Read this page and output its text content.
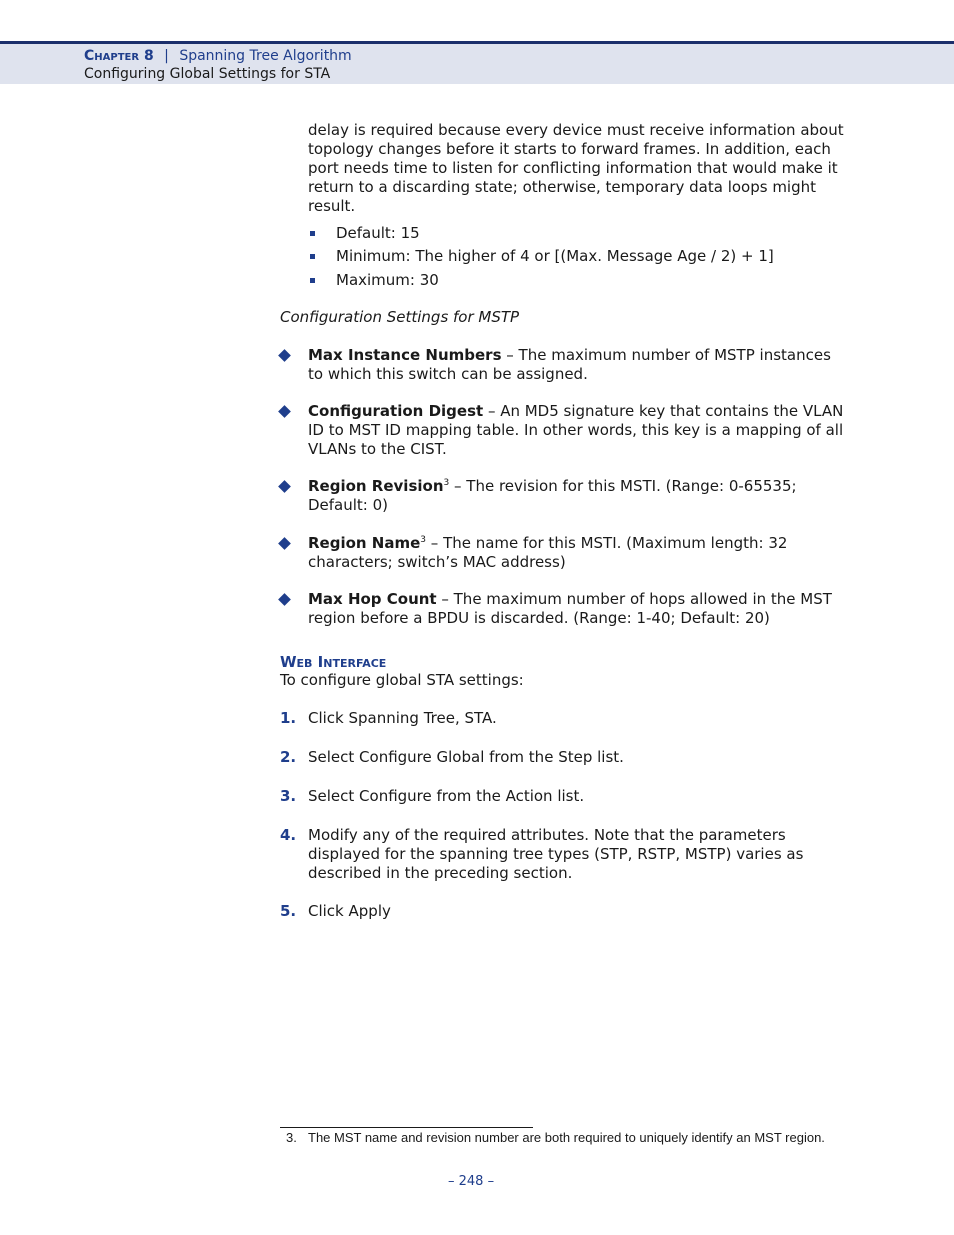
Chapter 8 | Spanning Tree Algorithm
Configuring Global Settings for STA
delay is required because every device must receive information about
topology changes before it starts to forward frames. In addition, each
port needs time to listen for conflicting information that would make it
return to a discarding state; otherwise, temporary data loops might
result.
Default: 15
Minimum: The higher of 4 or [(Max. Message Age / 2) + 1]
Maximum: 30
Configuration Settings for MSTP
Max Instance Numbers – The maximum number of MSTP instances
to which this switch can be assigned.
Configuration Digest – An MD5 signature key that contains the VLAN
ID to MST ID mapping table. In other words, this key is a mapping of all
VLANs to the CIST.
Region Revision$^3$ – The revision for this MSTI. (Range: 0-65535;
Default: 0)
Region Name$^3$ – The name for this MSTI. (Maximum length: 32
characters; switch’s MAC address)
Max Hop Count – The maximum number of hops allowed in the MST
region before a BPDU is discarded. (Range: 1-40; Default: 20)
Web Interface
To configure global STA settings:
1. Click Spanning Tree, STA.
2. Select Configure Global from the Step list.
3. Select Configure from the Action list.
4. Modify any of the required attributes. Note that the parameters
displayed for the spanning tree types (STP, RSTP, MSTP) varies as
described in the preceding section.
5. Click Apply
3. The MST name and revision number are both required to uniquely identify an MST region.
– 248 –
